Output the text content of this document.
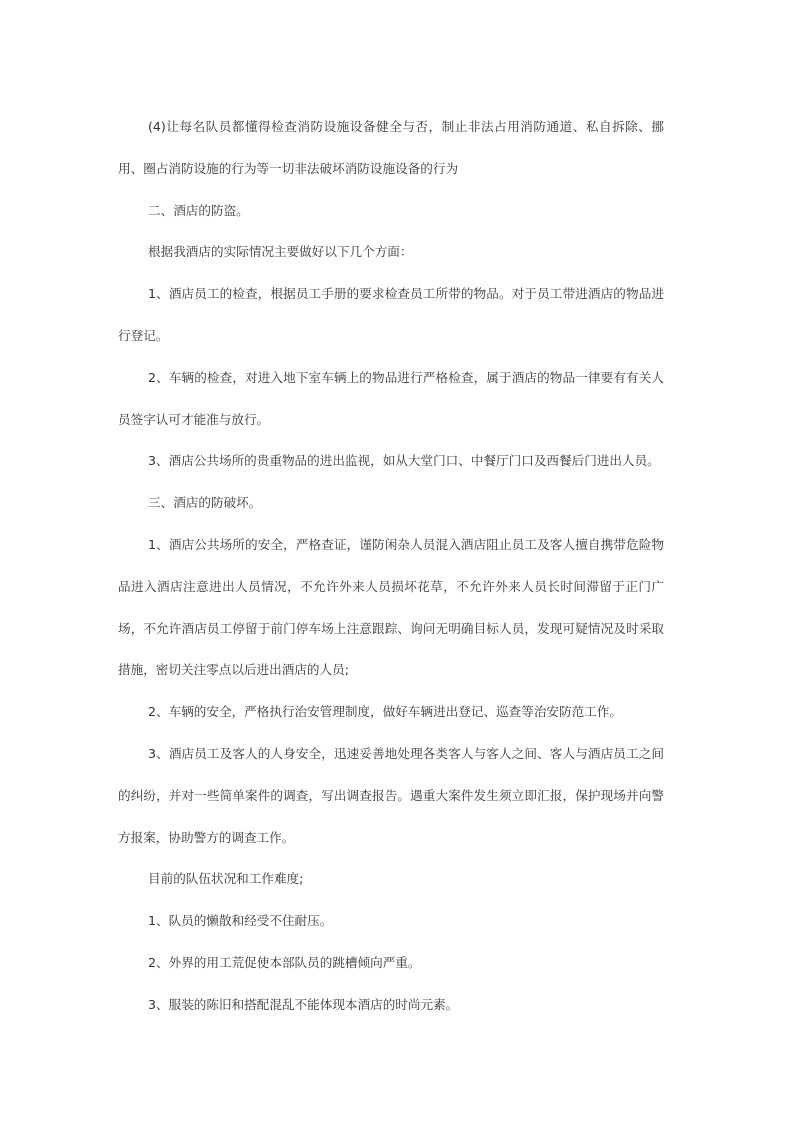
(4)让每名队员都懂得检查消防设施设备健全与否，制止非法占用消防通道、私自拆除、挪用、圈占消防设施的行为等一切非法破坏消防设施设备的行为

二、酒店的防盗。

根据我酒店的实际情况主要做好以下几个方面：

1、酒店员工的检查，根据员工手册的要求检查员工所带的物品。对于员工带进酒店的物品进行登记。

2、车辆的检查，对进入地下室车辆上的物品进行严格检查，属于酒店的物品一律要有有关人员签字认可才能准与放行。

3、酒店公共场所的贵重物品的进出监视，如从大堂门口、中餐厅门口及西餐后门进出人员。

三、酒店的防破坏。

1、酒店公共场所的安全，严格查证，谨防闲杂人员混入酒店阻止员工及客人擅自携带危险物品进入酒店注意进出人员情况，不允许外来人员损坏花草，不允许外来人员长时间滞留于正门广场，不允许酒店员工停留于前门停车场上注意跟踪、询问无明确目标人员，发现可疑情况及时采取措施，密切关注零点以后进出酒店的人员;

2、车辆的安全，严格执行治安管理制度，做好车辆进出登记、巡查等治安防范工作。

3、酒店员工及客人的人身安全，迅速妥善地处理各类客人与客人之间、客人与酒店员工之间的纠纷，并对一些简单案件的调查，写出调查报告。遇重大案件发生须立即汇报，保护现场并向警方报案，协助警方的调查工作。

目前的队伍状况和工作难度;

1、队员的懒散和经受不住耐压。

2、外界的用工荒促使本部队员的跳槽倾向严重。

3、服装的陈旧和搭配混乱不能体现本酒店的时尚元素。
